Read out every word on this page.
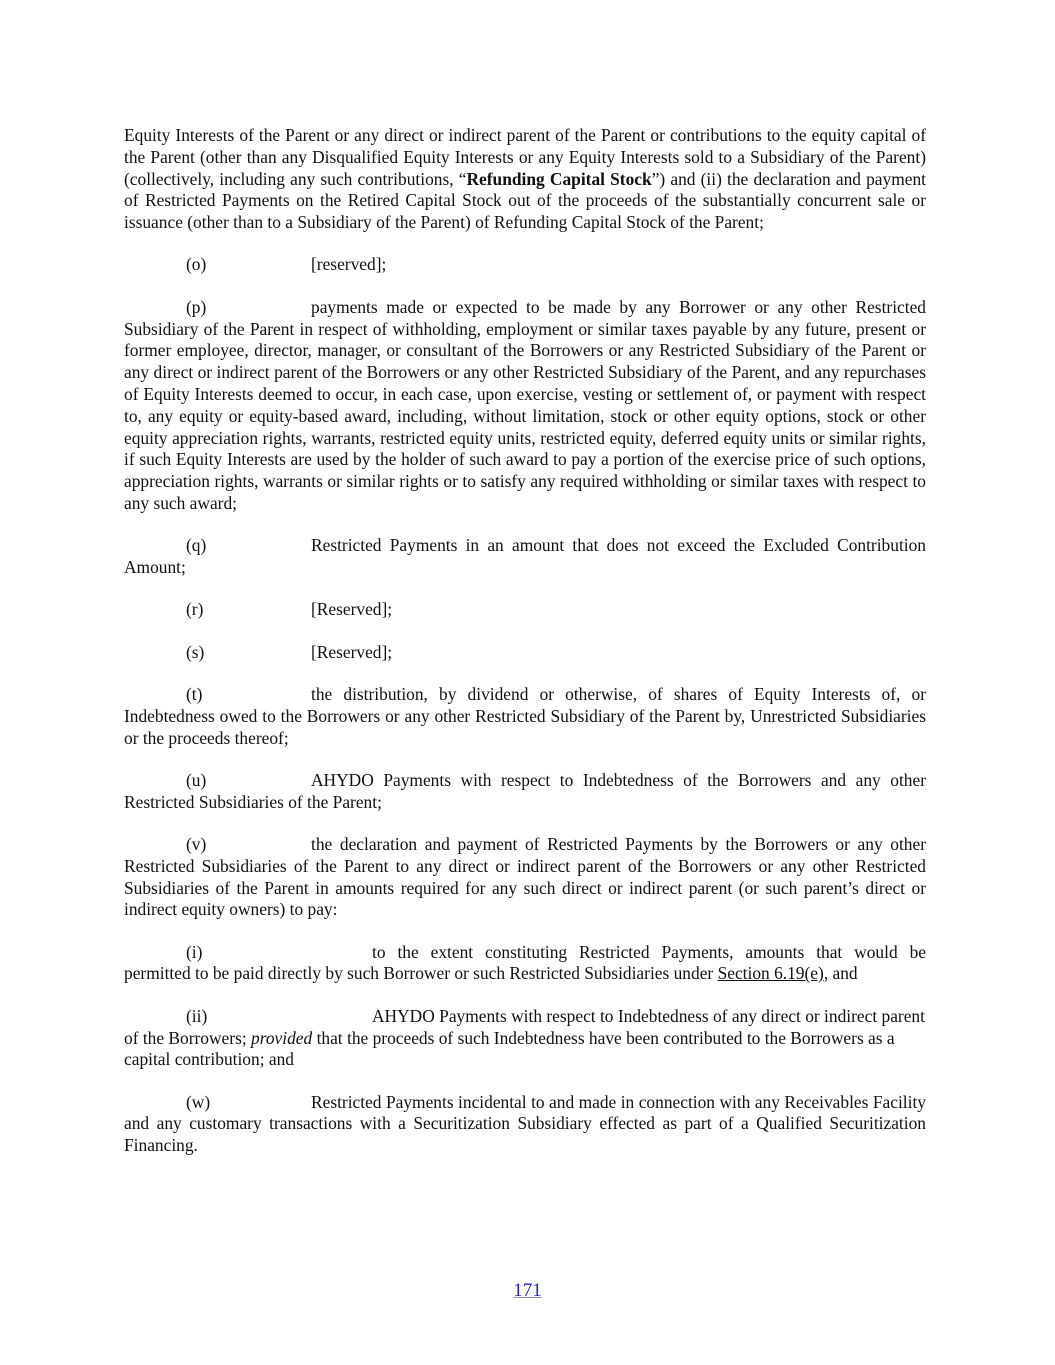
Equity Interests of the Parent or any direct or indirect parent of the Parent or contributions to the equity capital of the Parent (other than any Disqualified Equity Interests or any Equity Interests sold to a Subsidiary of the Parent) (collectively, including any such contributions, “Refunding Capital Stock”) and (ii) the declaration and payment of Restricted Payments on the Retired Capital Stock out of the proceeds of the substantially concurrent sale or issuance (other than to a Subsidiary of the Parent) of Refunding Capital Stock of the Parent;

(o)	[reserved];

(p)	payments made or expected to be made by any Borrower or any other Restricted Subsidiary of the Parent in respect of withholding, employment or similar taxes payable by any future, present or former employee, director, manager, or consultant of the Borrowers or any Restricted Subsidiary of the Parent or any direct or indirect parent of the Borrowers or any other Restricted Subsidiary of the Parent, and any repurchases of Equity Interests deemed to occur, in each case, upon exercise, vesting or settlement of, or payment with respect to, any equity or equity-based award, including, without limitation, stock or other equity options, stock or other equity appreciation rights, warrants, restricted equity units, restricted equity, deferred equity units or similar rights, if such Equity Interests are used by the holder of such award to pay a portion of the exercise price of such options, appreciation rights, warrants or similar rights or to satisfy any required withholding or similar taxes with respect to any such award;

(q)	Restricted Payments in an amount that does not exceed the Excluded Contribution Amount;

(r)	[Reserved];

(s)	[Reserved];

(t)	the distribution, by dividend or otherwise, of shares of Equity Interests of, or Indebtedness owed to the Borrowers or any other Restricted Subsidiary of the Parent by, Unrestricted Subsidiaries or the proceeds thereof;

(u)	AHYDO Payments with respect to Indebtedness of the Borrowers and any other Restricted Subsidiaries of the Parent;

(v)	the declaration and payment of Restricted Payments by the Borrowers or any other Restricted Subsidiaries of the Parent to any direct or indirect parent of the Borrowers or any other Restricted Subsidiaries of the Parent in amounts required for any such direct or indirect parent (or such parent’s direct or indirect equity owners) to pay:

(i)	to the extent constituting Restricted Payments, amounts that would be permitted to be paid directly by such Borrower or such Restricted Subsidiaries under Section 6.19(e), and

(ii)	AHYDO Payments with respect to Indebtedness of any direct or indirect parent of the Borrowers; provided that the proceeds of such Indebtedness have been contributed to the Borrowers as a capital contribution; and

(w)	Restricted Payments incidental to and made in connection with any Receivables Facility and any customary transactions with a Securitization Subsidiary effected as part of a Qualified Securitization Financing.

171
